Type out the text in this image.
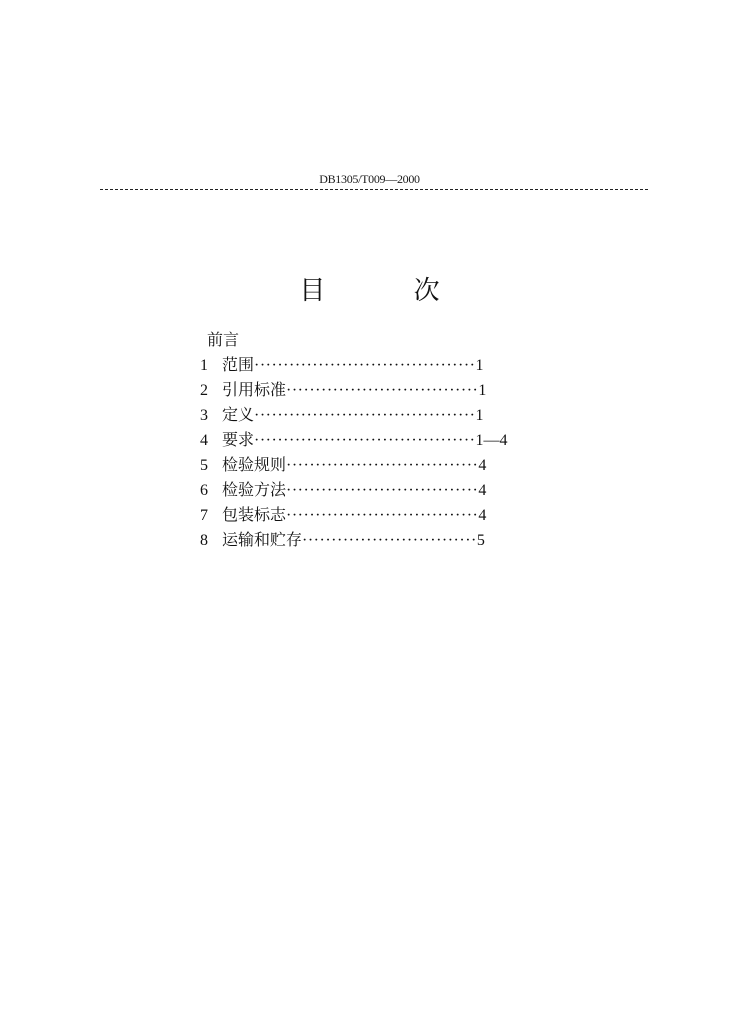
DB1305/T009—2000
目 次
前言
1 范围······································1
2 引用标准·································1
3 定义······································1
4 要求······································1—4
5 检验规则·································4
6 检验方法·································4
7 包装标志·································4
8 运输和贮存······························5
